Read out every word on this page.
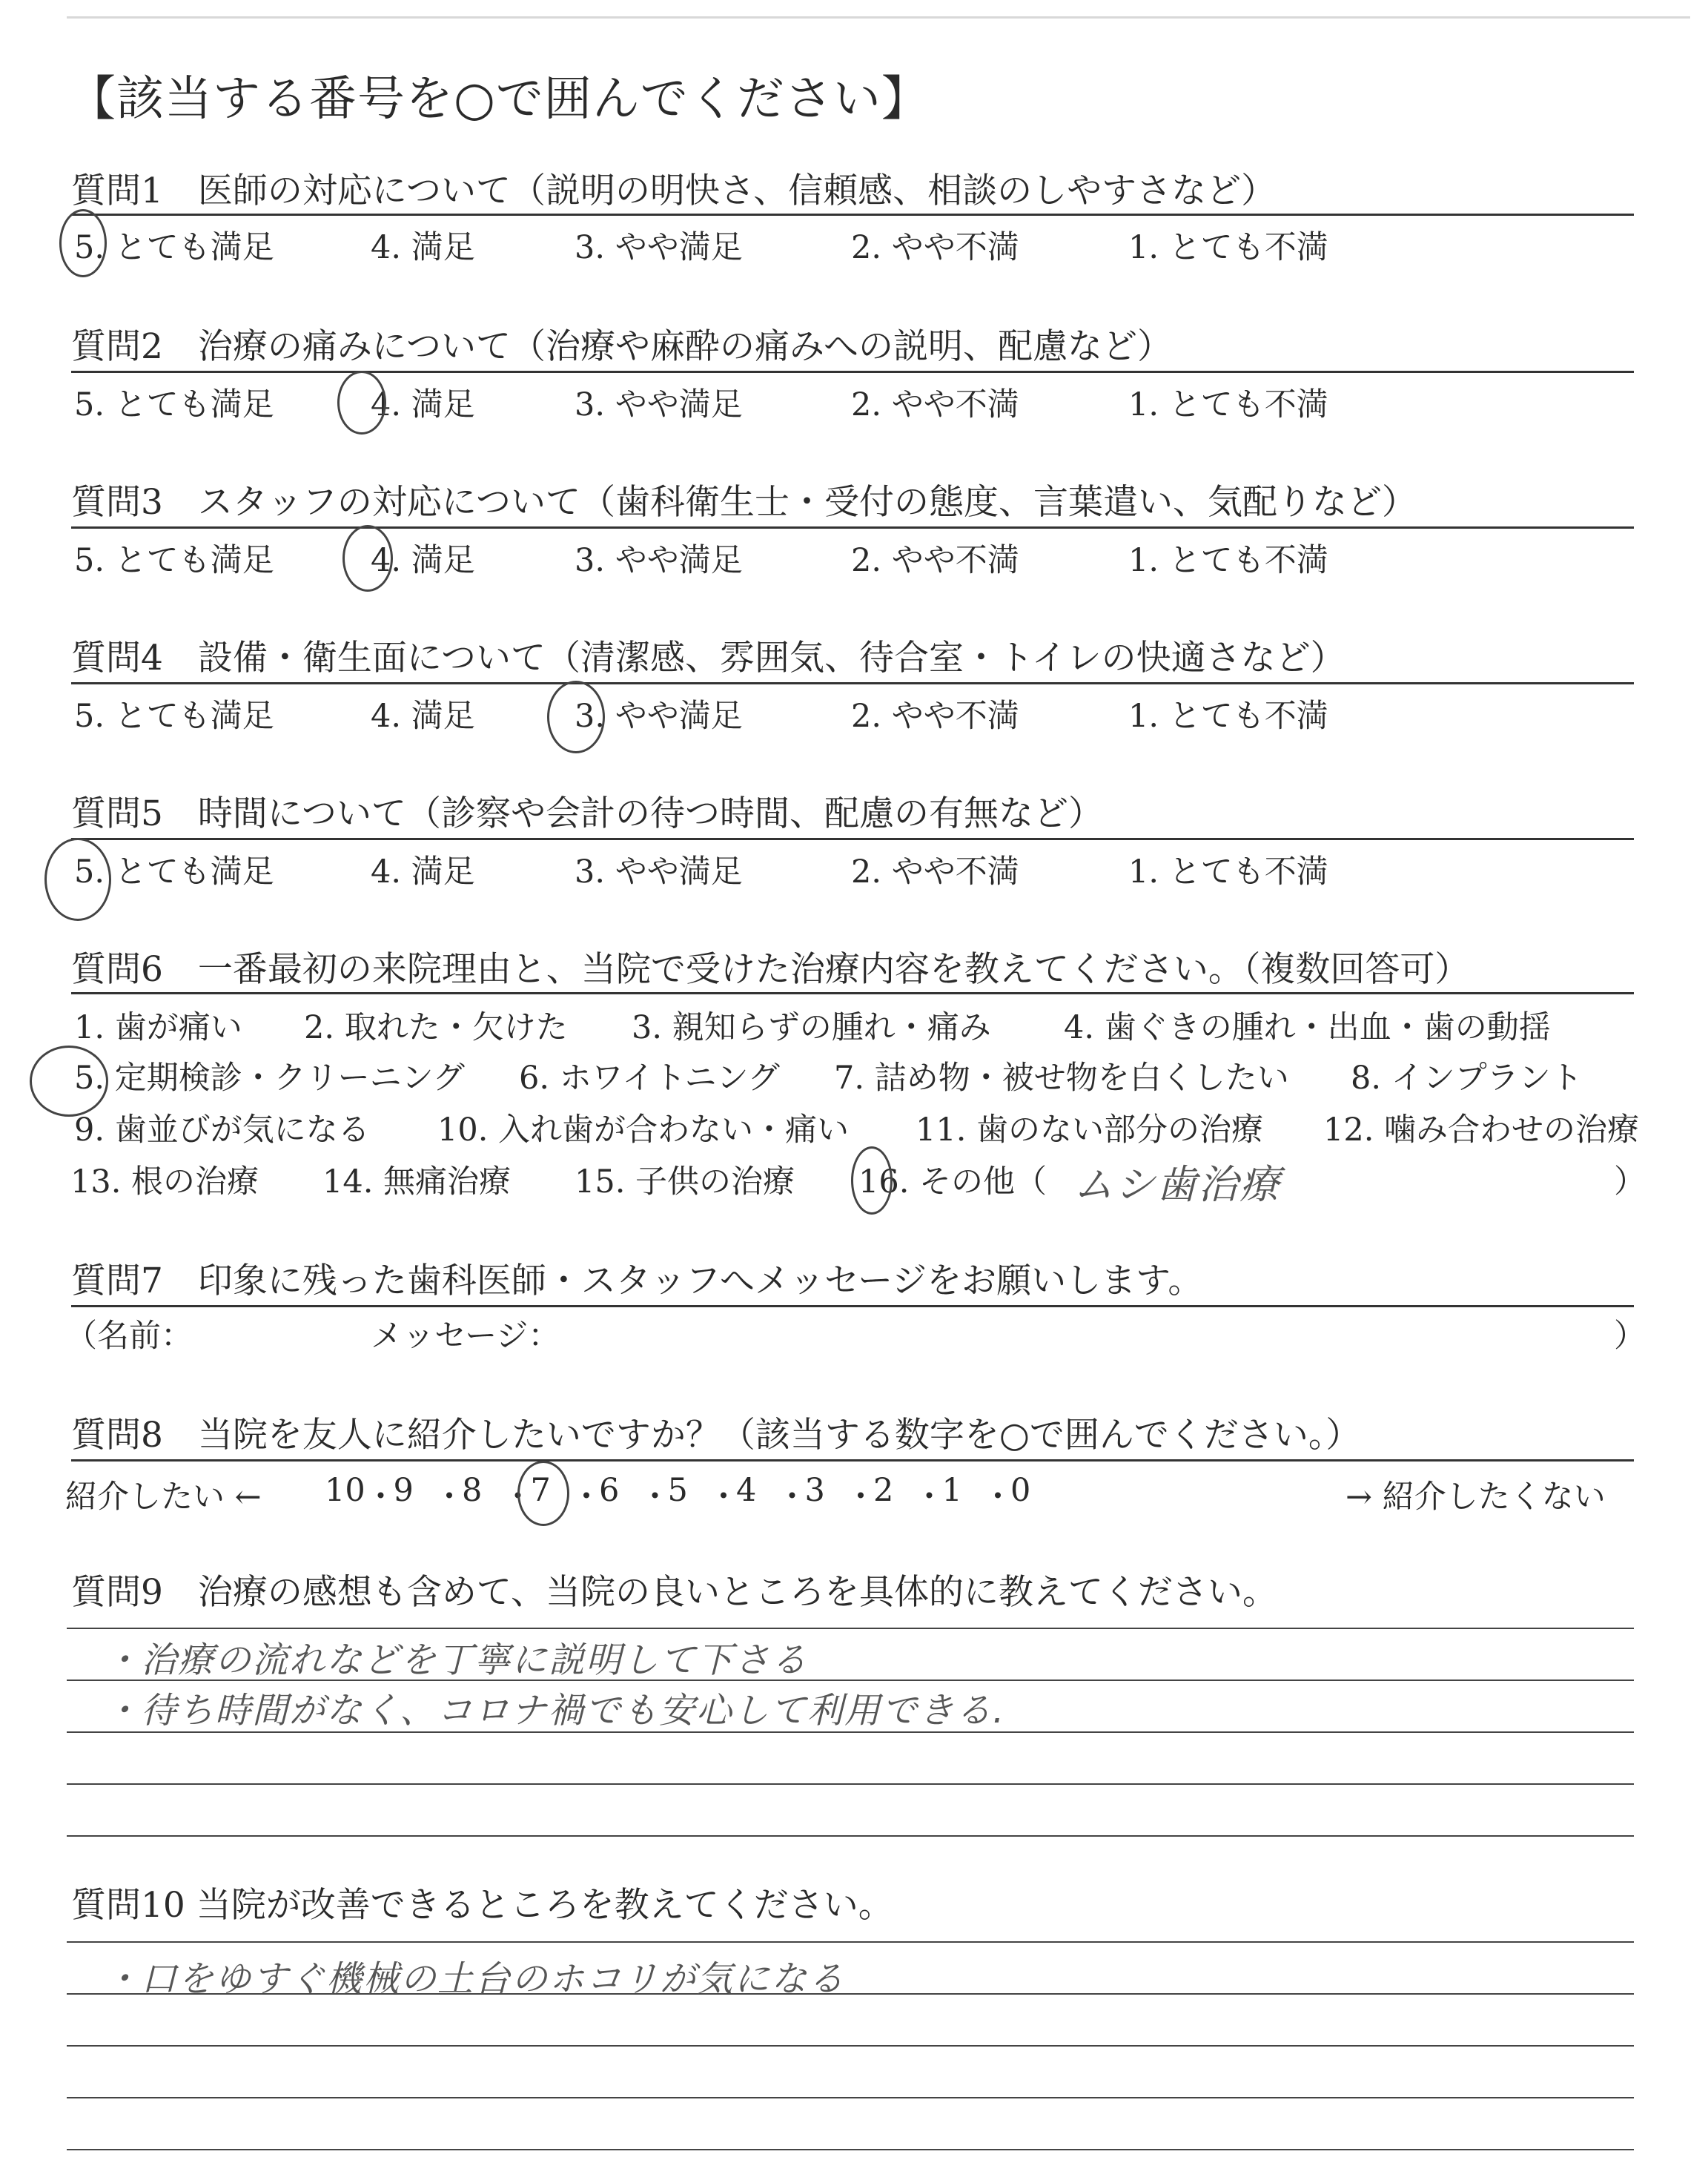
【該当する番号を○で囲んでください】
質問1　医師の対応について（説明の明快さ、信頼感、相談のしやすさなど）
5. とても満足	4. 満足	3. やや満足	2. やや不満	1. とても不満
質問2　治療の痛みについて（治療や麻酔の痛みへの説明、配慮など）
5. とても満足	4. 満足	3. やや満足	2. やや不満	1. とても不満
質問3　スタッフの対応について（歯科衛生士・受付の態度、言葉遣い、気配りなど）
5. とても満足	4. 満足	3. やや満足	2. やや不満	1. とても不満
質問4　設備・衛生面について（清潔感、雰囲気、待合室・トイレの快適さなど）
5. とても満足	4. 満足	3. やや満足	2. やや不満	1. とても不満
質問5　時間について（診察や会計の待つ時間、配慮の有無など）
5. とても満足	4. 満足	3. やや満足	2. やや不満	1. とても不満
質問6　一番最初の来院理由と、当院で受けた治療内容を教えてください。（複数回答可）
1. 歯が痛い 2. 取れた・欠けた 3. 親知らずの腫れ・痛み 4. 歯ぐきの腫れ・出血・歯の動揺
5. 定期検診・クリーニング 6. ホワイトニング 7. 詰め物・被せ物を白くしたい 8. インプラント
9. 歯並びが気になる 10. 入れ歯が合わない・痛い 11. 歯のない部分の治療 12. 噛み合わせの治療
13. 根の治療 14. 無痛治療 15. 子供の治療 16. その他（ ムシ歯治療	）
質問7　印象に残った歯科医師・スタッフへメッセージをお願いします。
（名前：	メッセージ：	）
質問8　当院を友人に紹介したいですか？（該当する数字を○で囲んでください。）
紹介したい ← 10 ・
9 ・
8 ・
7 ・
6 ・
5 ・
4 ・
3 ・
2 ・
1 ・
0	→ 紹介したくない
質問9　治療の感想も含めて、当院の良いところを具体的に教えてください。
・治療の流れなどを丁寧に説明して下さる
・待ち時間がなく、コロナ禍でも安心して利用できる.
質問10 当院が改善できるところを教えてください。
・口をゆすぐ機械の土台のホコリが気になる
